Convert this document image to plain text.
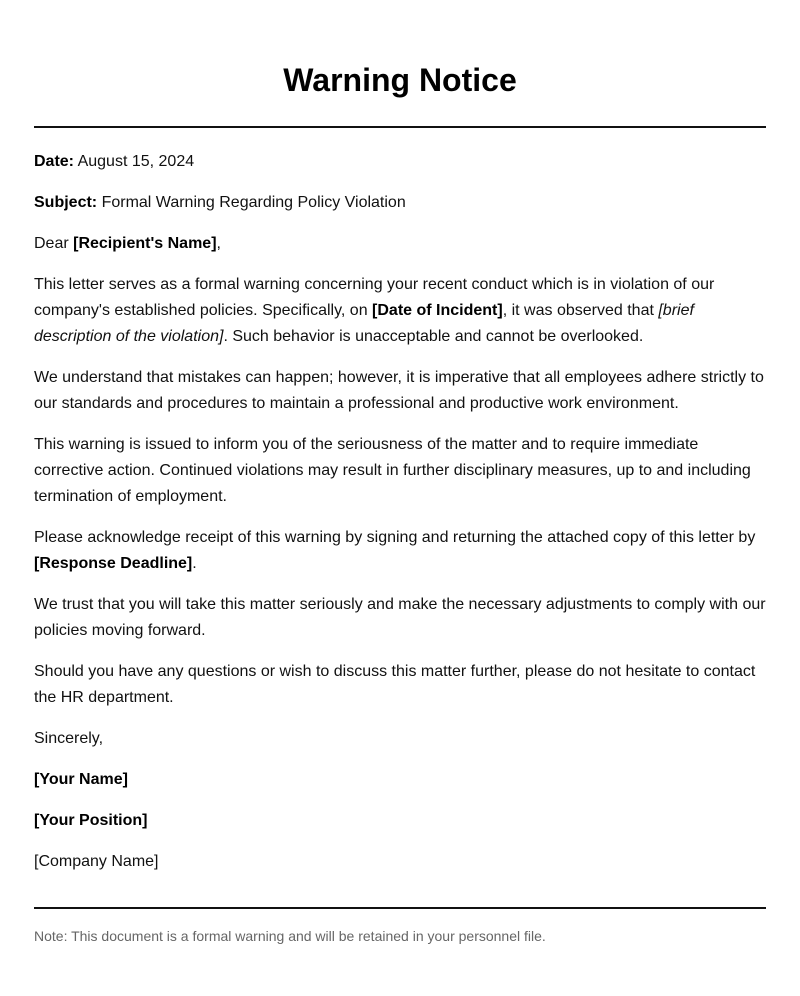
Warning Notice

Date: August 15, 2024

Subject: Formal Warning Regarding Policy Violation

Dear [Recipient's Name],

This letter serves as a formal warning concerning your recent conduct which is in violation of our company's established policies. Specifically, on [Date of Incident], it was observed that [brief description of the violation]. Such behavior is unacceptable and cannot be overlooked.

We understand that mistakes can happen; however, it is imperative that all employees adhere strictly to our standards and procedures to maintain a professional and productive work environment.

This warning is issued to inform you of the seriousness of the matter and to require immediate corrective action. Continued violations may result in further disciplinary measures, up to and including termination of employment.

Please acknowledge receipt of this warning by signing and returning the attached copy of this letter by [Response Deadline].

We trust that you will take this matter seriously and make the necessary adjustments to comply with our policies moving forward.

Should you have any questions or wish to discuss this matter further, please do not hesitate to contact the HR department.

Sincerely,

[Your Name]

[Your Position]

[Company Name]

Note: This document is a formal warning and will be retained in your personnel file.
